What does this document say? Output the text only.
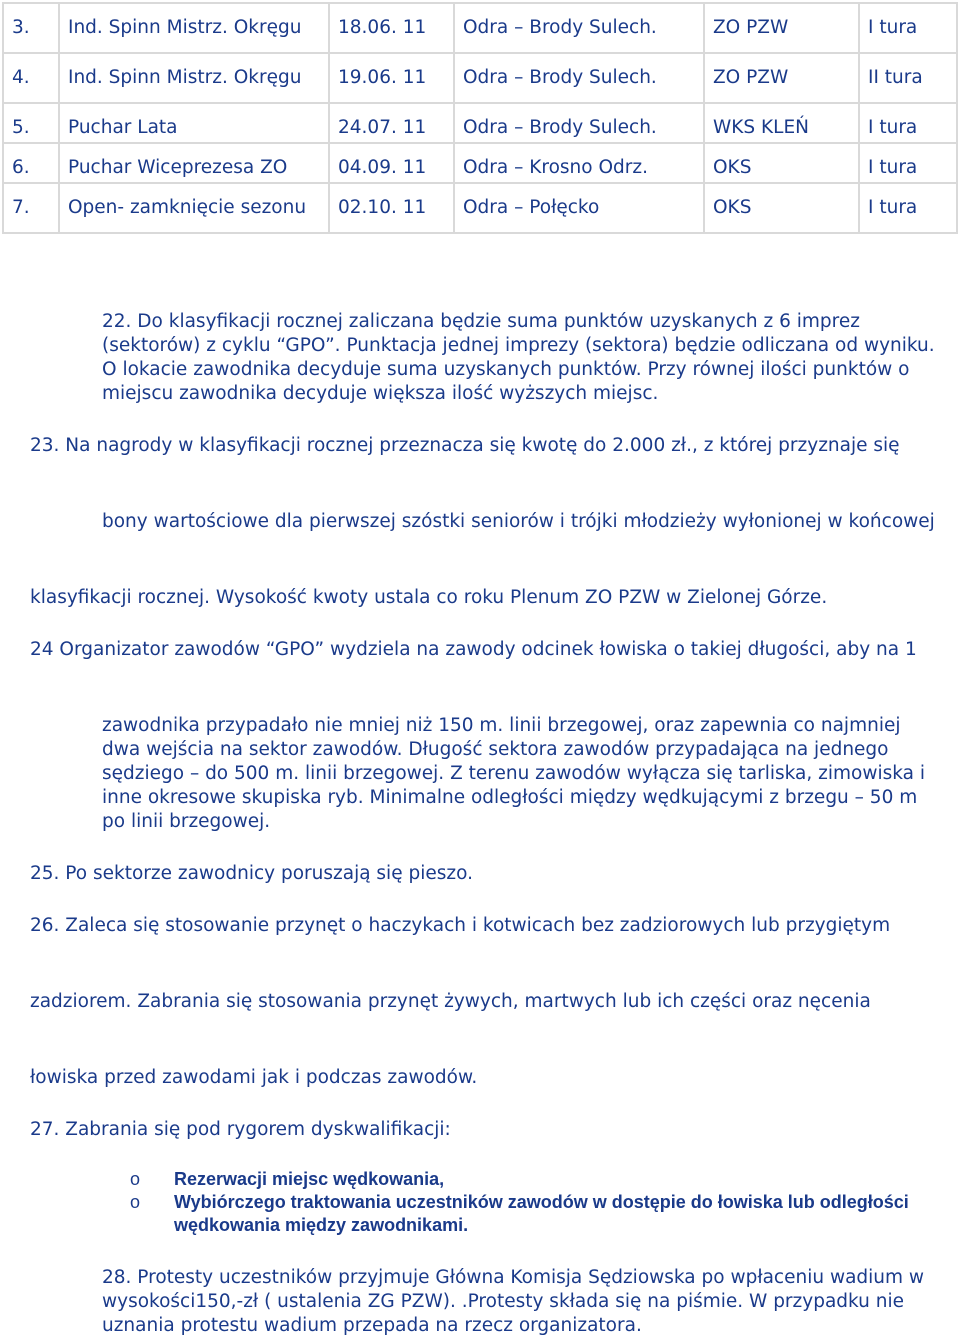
3.	Ind. Spinn Mistrz. Okręgu	18.06. 11	Odra – Brody Sulech.	ZO PZW	I tura
4.	Ind. Spinn Mistrz. Okręgu	19.06. 11	Odra – Brody Sulech.	ZO PZW	II tura
5.	Puchar Lata	24.07. 11	Odra – Brody Sulech.	WKS KLEŃ	I tura
6.	Puchar Wiceprezesa ZO	04.09. 11	Odra – Krosno Odrz.	OKS	I tura
7.	Open- zamknięcie sezonu	02.10. 11	Odra – Połęcko	OKS	I tura
22. Do klasyfikacji rocznej zaliczana będzie suma punktów uzyskanych z 6 imprez (sektorów) z cyklu “GPO”. Punktacja jednej imprezy (sektora) będzie odliczana od wyniku. O lokacie zawodnika decyduje suma uzyskanych punktów. Przy równej ilości punktów o miejscu zawodnika decyduje większa ilość wyższych miejsc.
23. Na nagrody w klasyfikacji rocznej przeznacza się kwotę do 2.000 zł., z której przyznaje się
bony wartościowe dla pierwszej szóstki seniorów i trójki młodzieży wyłonionej w końcowej
klasyfikacji rocznej. Wysokość kwoty ustala co roku Plenum ZO PZW w Zielonej Górze.
24 Organizator zawodów “GPO” wydziela na zawody odcinek łowiska o takiej długości, aby na 1
zawodnika przypadało nie mniej niż 150 m. linii brzegowej, oraz zapewnia co najmniej dwa wejścia na sektor zawodów. Długość sektora zawodów przypadająca na jednego sędziego – do 500 m. linii brzegowej. Z terenu zawodów wyłącza się tarliska, zimowiska i inne okresowe skupiska ryb. Minimalne odległości między wędkującymi z brzegu – 50 m po linii brzegowej.
25. Po sektorze zawodnicy poruszają się pieszo.
26. Zaleca się stosowanie przynęt o haczykach i kotwicach bez zadziorowych lub przygiętym
zadziorem. Zabrania się stosowania przynęt żywych, martwych lub ich części oraz nęcenia
łowiska przed zawodami jak i podczas zawodów.
27. Zabrania się pod rygorem dyskwalifikacji:
o Rezerwacji miejsc wędkowania,
o Wybiórczego traktowania uczestników zawodów w dostępie do łowiska lub odległości wędkowania między zawodnikami.
28. Protesty uczestników przyjmuje Główna Komisja Sędziowska po wpłaceniu wadium w wysokości150,-zł ( ustalenia ZG PZW). .Protesty składa się na piśmie. W przypadku nie uznania protestu wadium przepada na rzecz organizatora.
